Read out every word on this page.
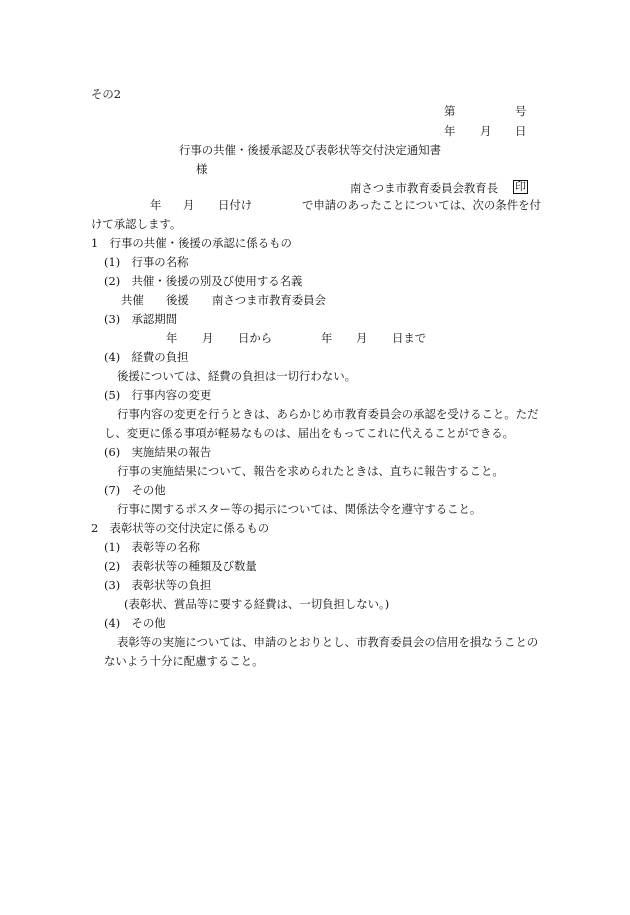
その2
第	号
年 月 日
行事の共催・後援承認及び表彰状等交付決定通知書
様
南さつま市教育委員会教育長 印
年 月 日付け	で申請のあったことについては、次の条件を付
けて承認します。
1　行事の共催・後援の承認に係るもの
(1)　行事の名称
(2)　共催・後援の別及び使用する名義
共催 後援 南さつま市教育委員会
(3)　承認期間
年 月 日から	年 月 日まで
(4)　経費の負担
後援については、経費の負担は一切行わない。
(5)　行事内容の変更
行事内容の変更を行うときは、あらかじめ市教育委員会の承認を受けること。ただ
し、変更に係る事項が軽易なものは、届出をもってこれに代えることができる。
(6)　実施結果の報告
行事の実施結果について、報告を求められたときは、直ちに報告すること。
(7)　その他
行事に関するポスター等の掲示については、関係法令を遵守すること。
2　表彰状等の交付決定に係るもの
(1)　表彰等の名称
(2)　表彰状等の種類及び数量
(3)　表彰状等の負担
(表彰状、賞品等に要する経費は、一切負担しない。)
(4)　その他
表彰等の実施については、申請のとおりとし、市教育委員会の信用を損なうことの
ないよう十分に配慮すること。
